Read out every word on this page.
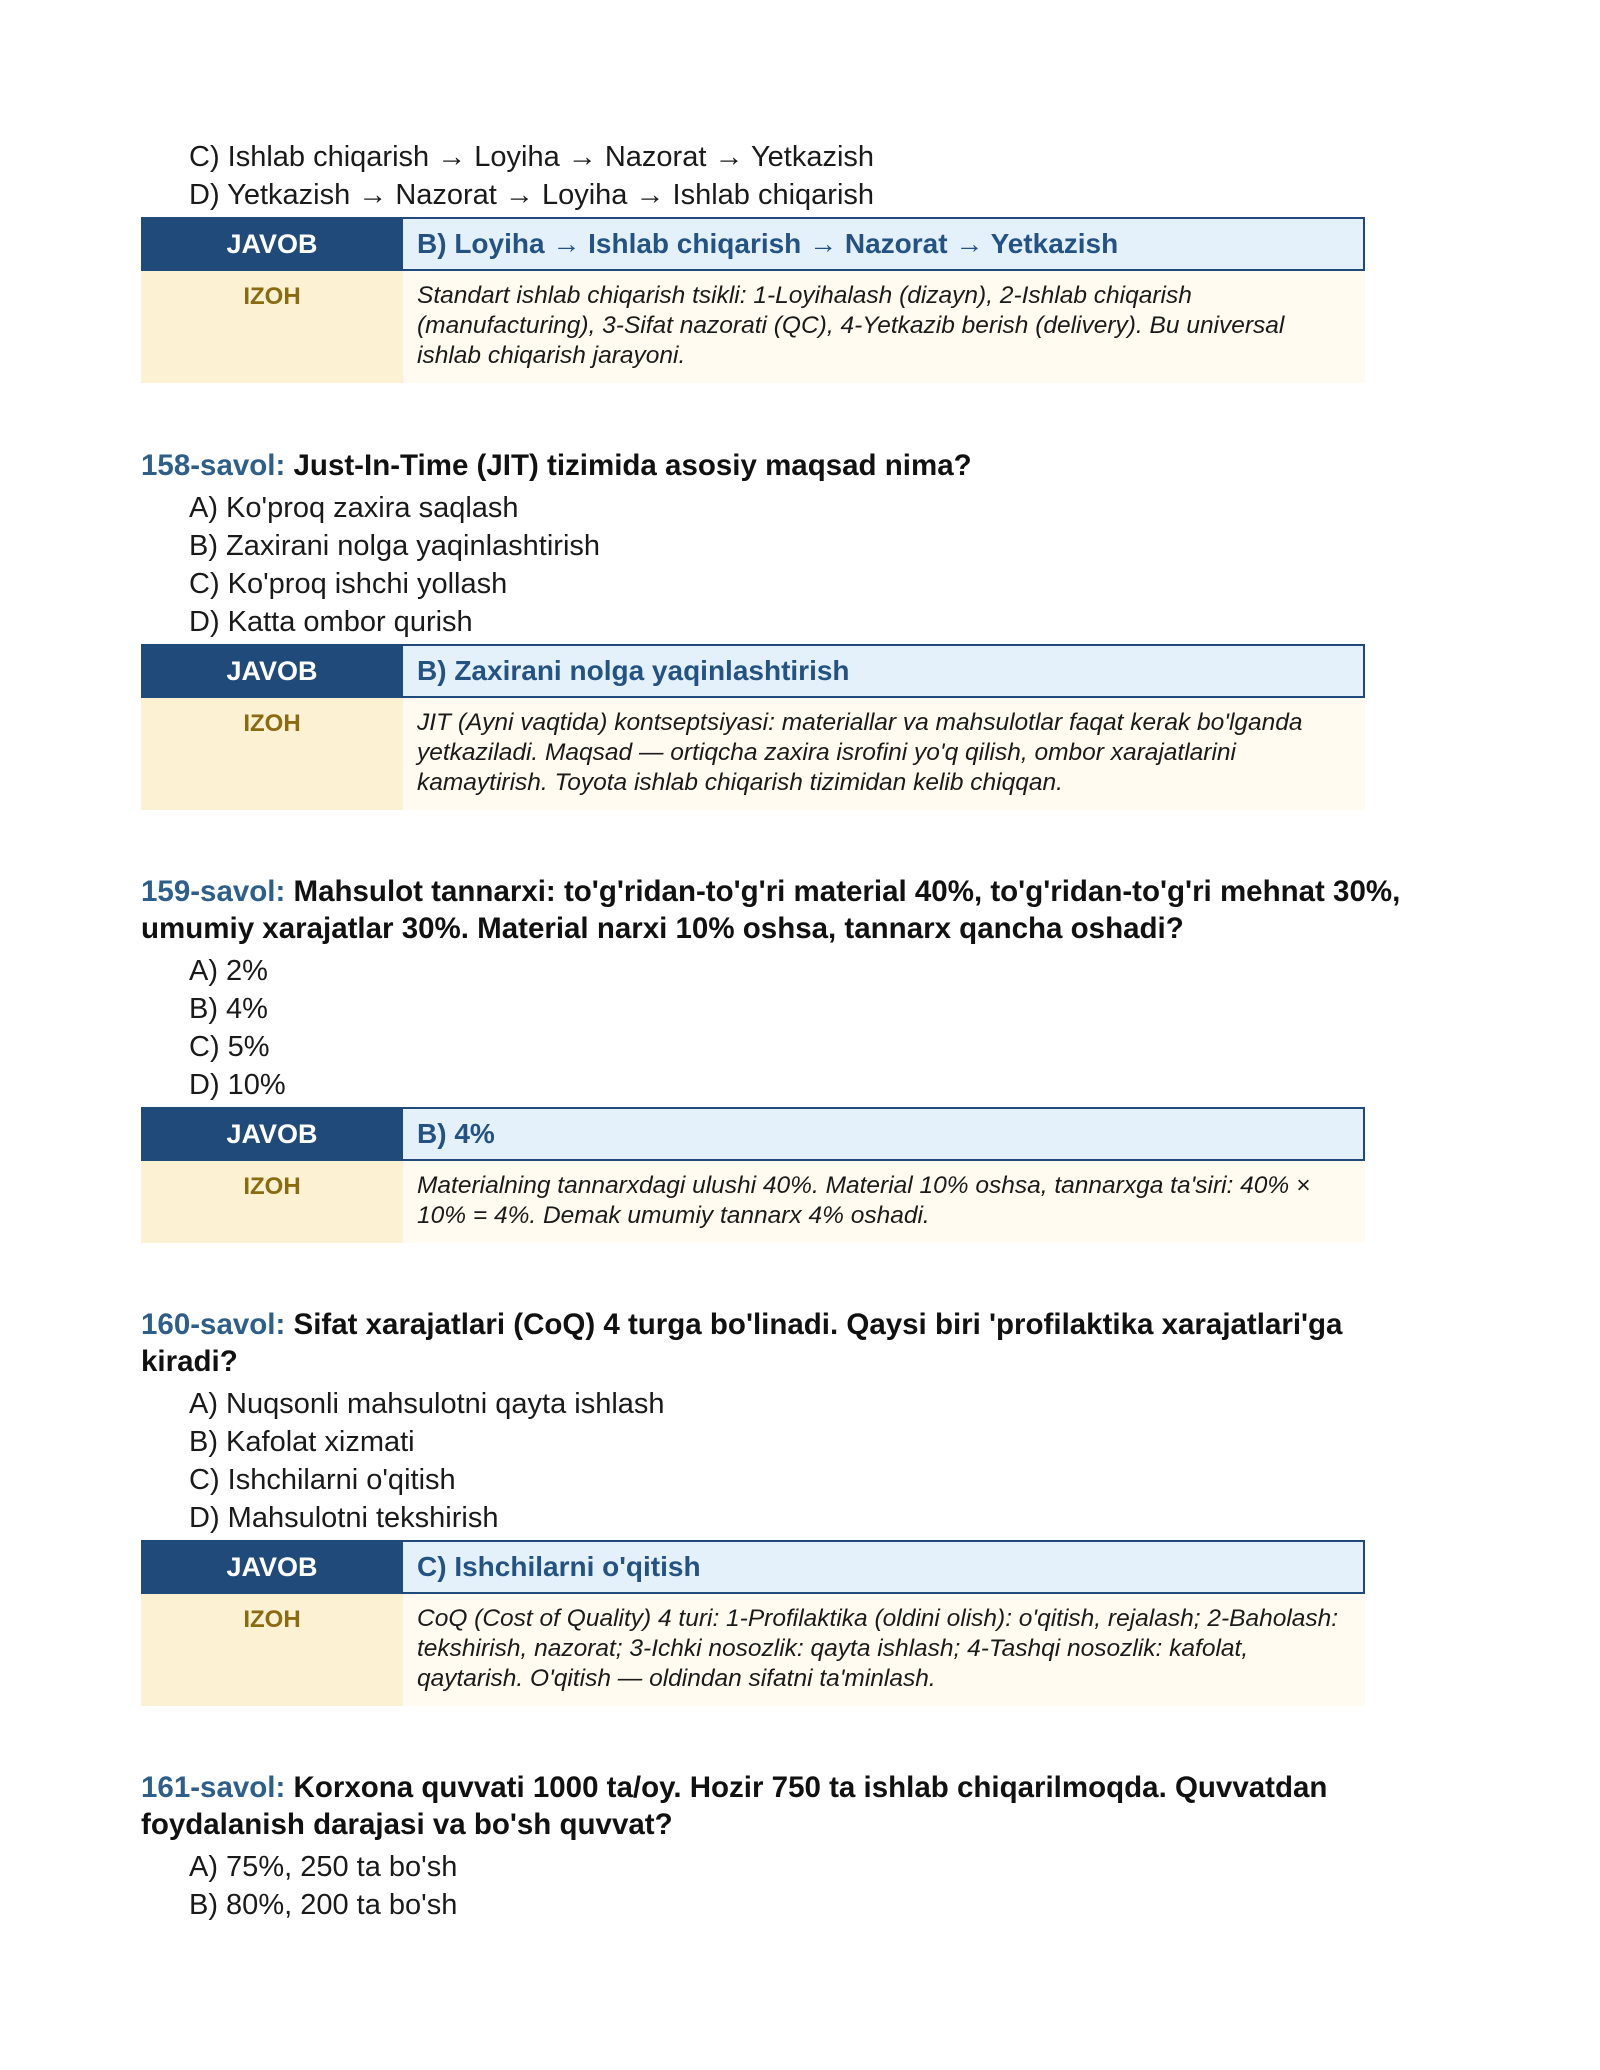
C) Ishlab chiqarish → Loyiha → Nazorat → Yetkazish
D) Yetkazish → Nazorat → Loyiha → Ishlab chiqarish
JAVOB	B) Loyiha → Ishlab chiqarish → Nazorat → Yetkazish
IZOH	Standart ishlab chiqarish tsikli: 1-Loyihalash (dizayn), 2-Ishlab chiqarish (manufacturing), 3-Sifat nazorati (QC), 4-Yetkazib berish (delivery). Bu universal ishlab chiqarish jarayoni.
158-savol: Just-In-Time (JIT) tizimida asosiy maqsad nima?
A) Ko'proq zaxira saqlash
B) Zaxirani nolga yaqinlashtirish
C) Ko'proq ishchi yollash
D) Katta ombor qurish
JAVOB	B) Zaxirani nolga yaqinlashtirish
IZOH	JIT (Ayni vaqtida) kontseptsiyasi: materiallar va mahsulotlar faqat kerak bo'lganda yetkaziladi. Maqsad — ortiqcha zaxira isrofini yo'q qilish, ombor xarajatlarini kamaytirish. Toyota ishlab chiqarish tizimidan kelib chiqqan.
159-savol: Mahsulot tannarxi: to'g'ridan-to'g'ri material 40%, to'g'ridan-to'g'ri mehnat 30%, umumiy xarajatlar 30%. Material narxi 10% oshsa, tannarx qancha oshadi?
A) 2%
B) 4%
C) 5%
D) 10%
JAVOB	B) 4%
IZOH	Materialning tannarxdagi ulushi 40%. Material 10% oshsa, tannarxga ta'siri: 40% × 10% = 4%. Demak umumiy tannarx 4% oshadi.
160-savol: Sifat xarajatlari (CoQ) 4 turga bo'linadi. Qaysi biri 'profilaktika xarajatlari'ga kiradi?
A) Nuqsonli mahsulotni qayta ishlash
B) Kafolat xizmati
C) Ishchilarni o'qitish
D) Mahsulotni tekshirish
JAVOB	C) Ishchilarni o'qitish
IZOH	CoQ (Cost of Quality) 4 turi: 1-Profilaktika (oldini olish): o'qitish, rejalash; 2-Baholash: tekshirish, nazorat; 3-Ichki nosozlik: qayta ishlash; 4-Tashqi nosozlik: kafolat, qaytarish. O'qitish — oldindan sifatni ta'minlash.
161-savol: Korxona quvvati 1000 ta/oy. Hozir 750 ta ishlab chiqarilmoqda. Quvvatdan foydalanish darajasi va bo'sh quvvat?
A) 75%, 250 ta bo'sh
B) 80%, 200 ta bo'sh
